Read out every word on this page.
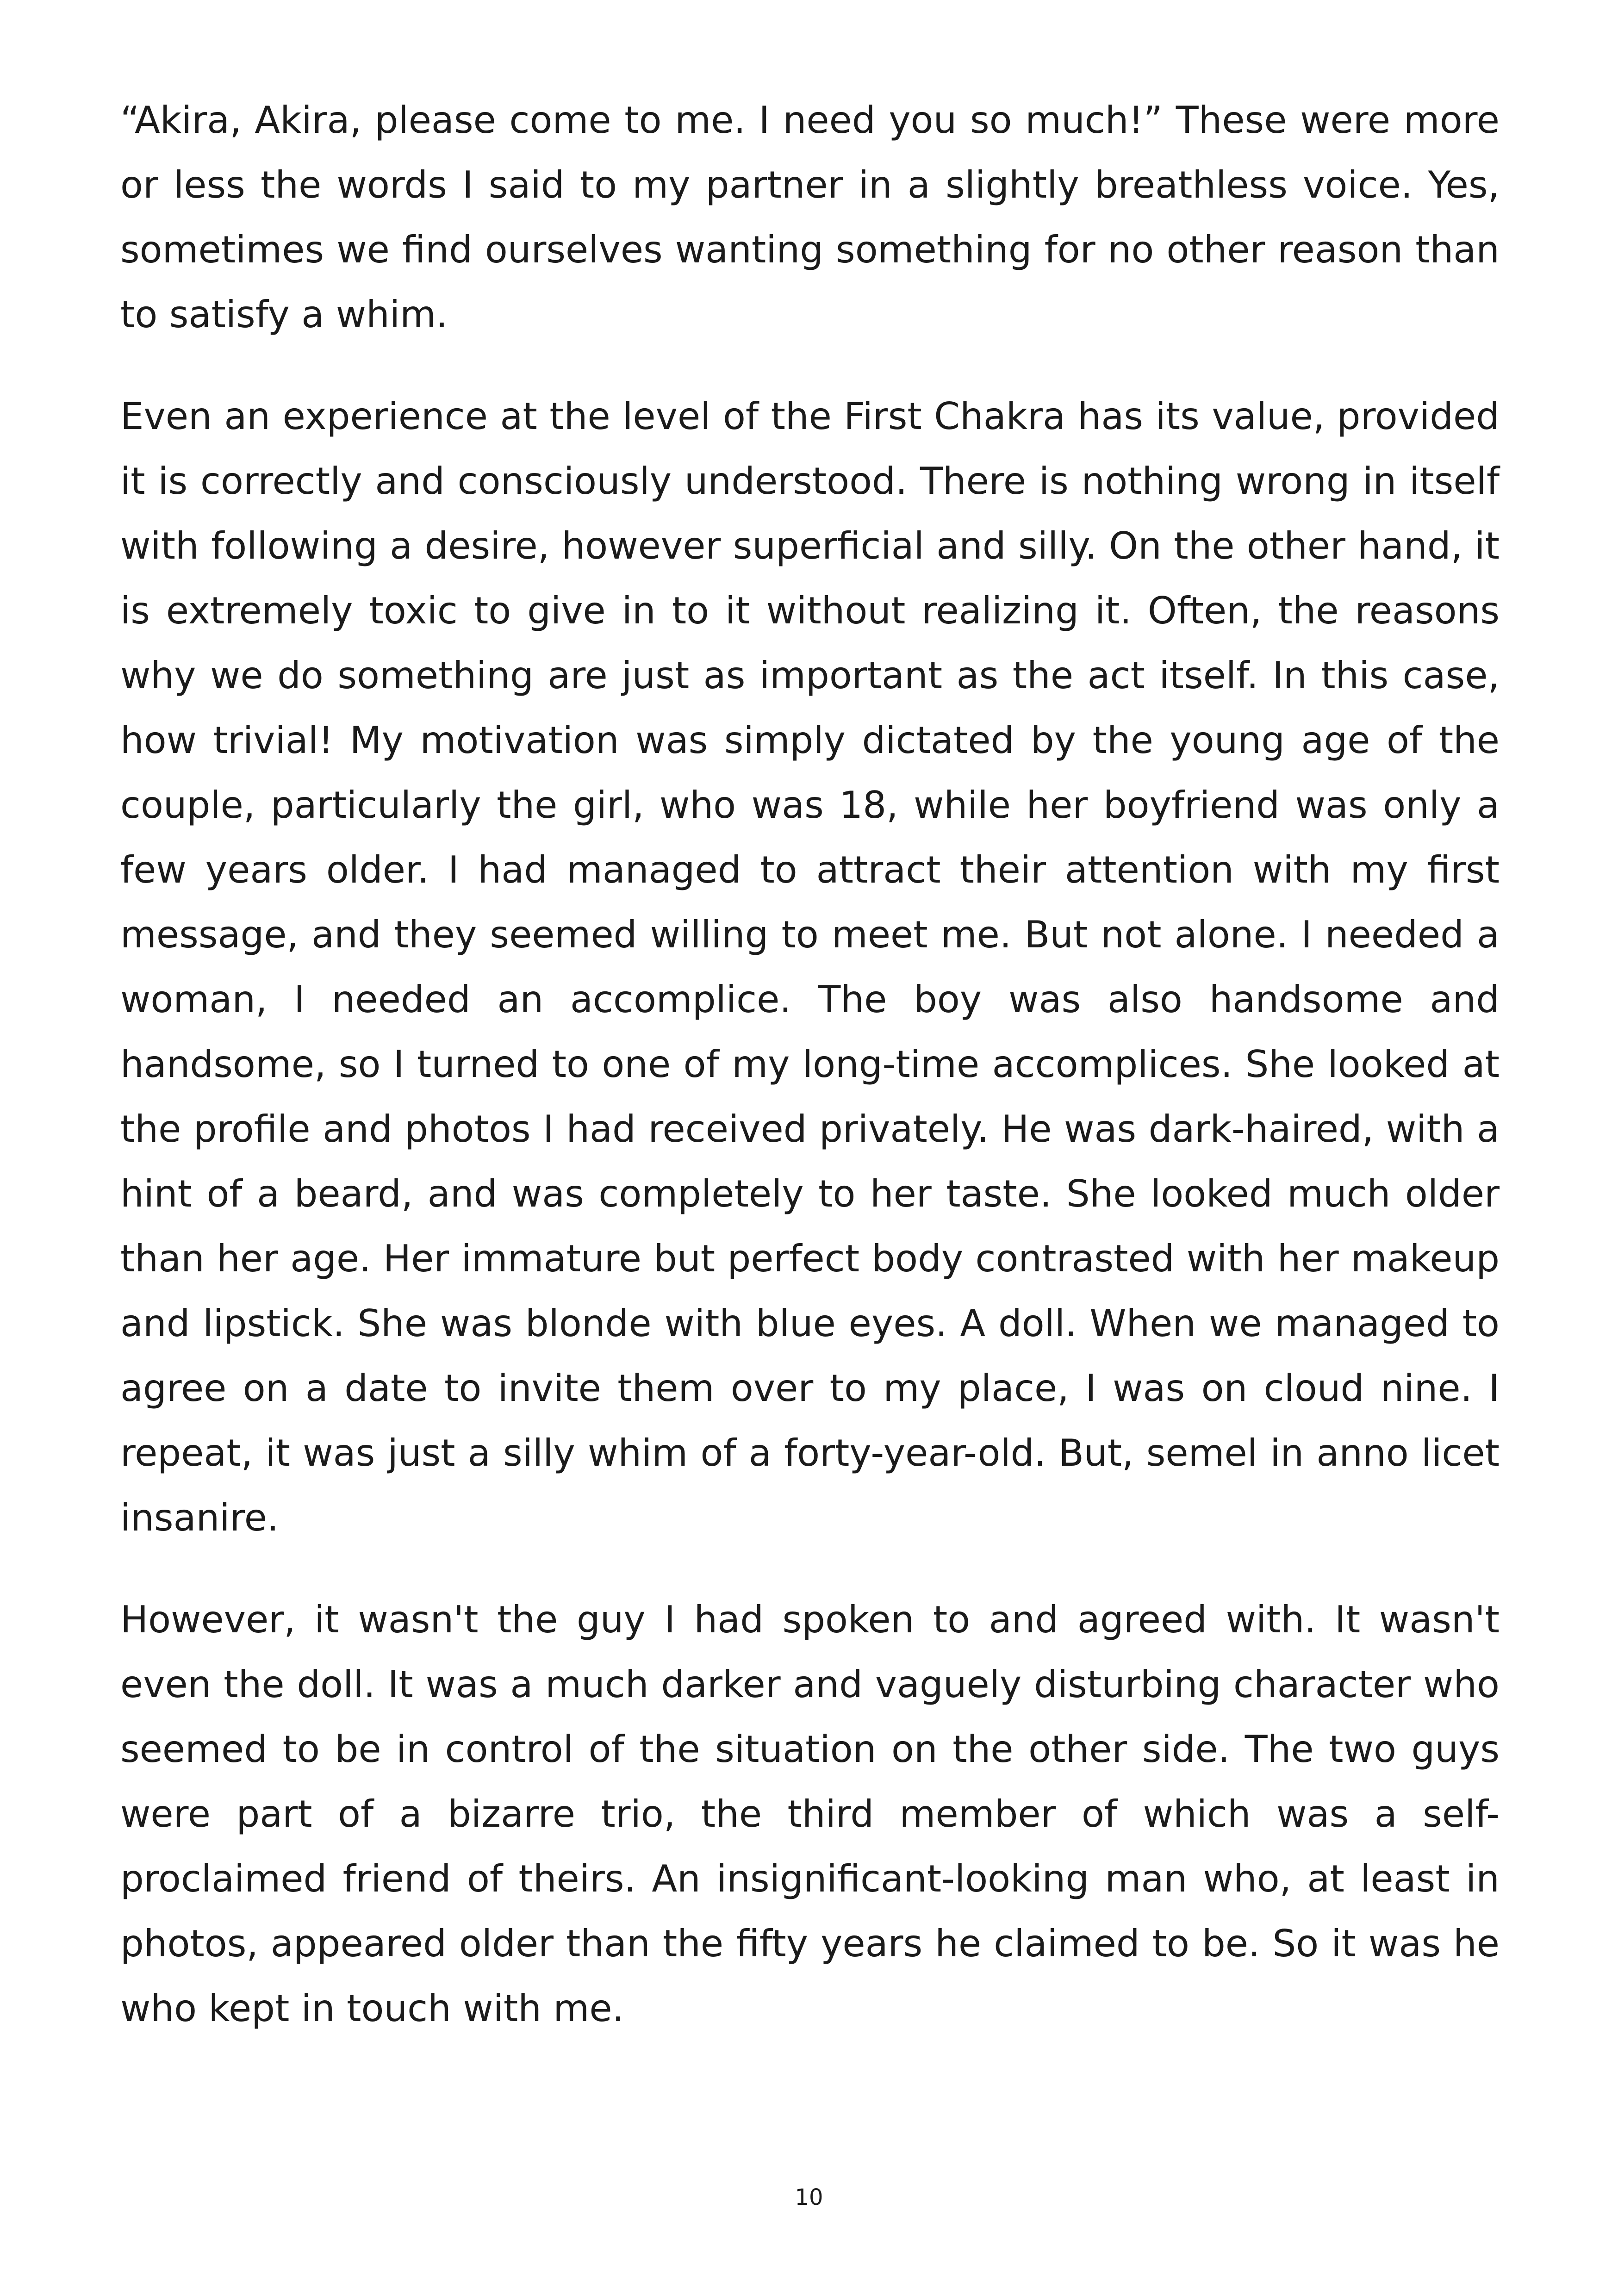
“Akira, Akira, please come to me. I need you so much!” These were more or less the words I said to my partner in a slightly breathless voice. Yes, sometimes we find ourselves wanting something for no other reason than to satisfy a whim.

Even an experience at the level of the First Chakra has its value, provided it is correctly and consciously understood. There is nothing wrong in itself with following a desire, however superficial and silly. On the other hand, it is extremely toxic to give in to it without realizing it. Often, the reasons why we do something are just as important as the act itself. In this case, how trivial! My motivation was simply dictated by the young age of the couple, particularly the girl, who was 18, while her boyfriend was only a few years older. I had managed to attract their attention with my first message, and they seemed willing to meet me. But not alone. I needed a woman, I needed an accomplice. The boy was also handsome and handsome, so I turned to one of my long-time accomplices. She looked at the profile and photos I had received privately. He was dark-haired, with a hint of a beard, and was completely to her taste. She looked much older than her age. Her immature but perfect body contrasted with her makeup and lipstick. She was blonde with blue eyes. A doll. When we managed to agree on a date to invite them over to my place, I was on cloud nine. I repeat, it was just a silly whim of a forty-year-old. But, semel in anno licet insanire.

However, it wasn't the guy I had spoken to and agreed with. It wasn't even the doll. It was a much darker and vaguely disturbing character who seemed to be in control of the situation on the other side. The two guys were part of a bizarre trio, the third member of which was a self-proclaimed friend of theirs. An insignificant-looking man who, at least in photos, appeared older than the fifty years he claimed to be. So it was he who kept in touch with me.

10
